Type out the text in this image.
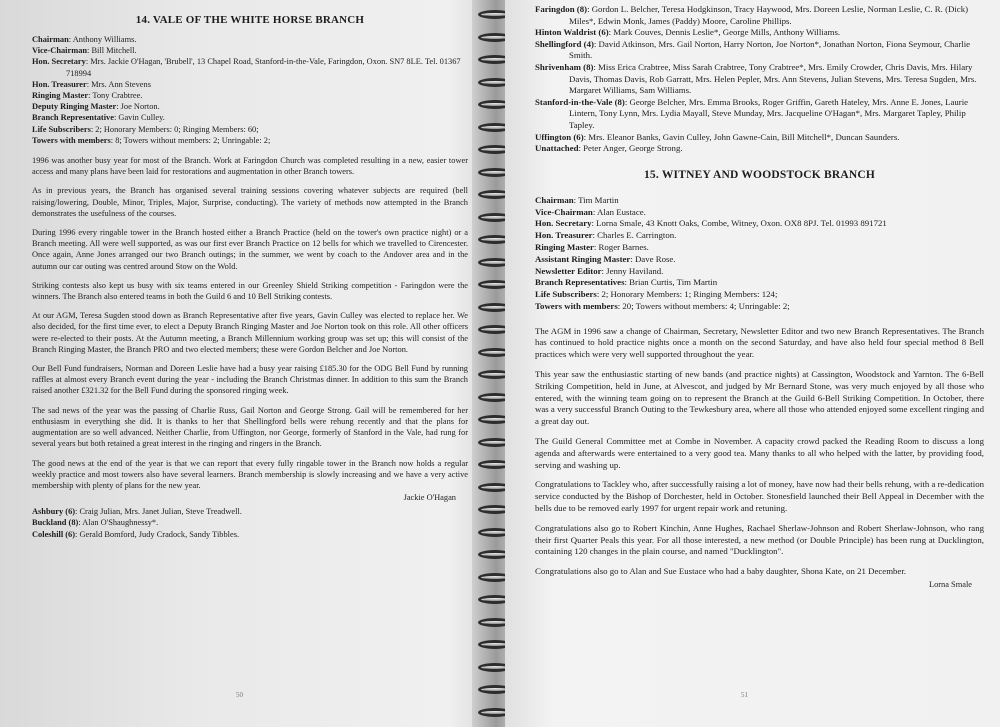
14. VALE OF THE WHITE HORSE BRANCH
Chairman: Anthony Williams.
Vice-Chairman: Bill Mitchell.
Hon. Secretary: Mrs. Jackie O'Hagan, 'Brubell', 13 Chapel Road, Stanford-in-the-Vale, Faringdon, Oxon. SN7 8LE. Tel. 01367 718994
Hon. Treasurer: Mrs. Ann Stevens
Ringing Master: Tony Crabtree.
Deputy Ringing Master: Joe Norton.
Branch Representative: Gavin Culley.
Life Subscribers: 2; Honorary Members: 0; Ringing Members: 60;
Towers with members: 8; Towers without members: 2; Unringable: 2;

1996 was another busy year for most of the Branch. Work at Faringdon Church was completed resulting in a new, easier tower access and many plans have been laid for restorations and augmentation in other Branch towers.

As in previous years, the Branch has organised several training sessions covering whatever subjects are required (bell raising/lowering, Double, Minor, Triples, Major, Surprise, conducting). The variety of methods now attempted in the Branch demonstrates the usefulness of the courses.

During 1996 every ringable tower in the Branch hosted either a Branch Practice (held on the tower's own practice night) or a Branch meeting. All were well supported, as was our first ever Branch Practice on 12 bells for which we travelled to Cirencester. Once again, Anne Jones arranged our two Branch outings; in the summer, we went by coach to the Andover area and in the autumn our car outing was centred around Stow on the Wold.

Striking contests also kept us busy with six teams entered in our Greenley Shield Striking competition - Faringdon were the winners. The Branch also entered teams in both the Guild 6 and 10 Bell Striking contests.

At our AGM, Teresa Sugden stood down as Branch Representative after five years, Gavin Culley was elected to replace her. We also decided, for the first time ever, to elect a Deputy Branch Ringing Master and Joe Norton took on this role. All other officers were re-elected to their posts. At the Autumn meeting, a Branch Millennium working group was set up; this will consist of the Branch Ringing Master, the Branch PRO and two elected members; these were Gordon Belcher and Joe Norton.

Our Bell Fund fundraisers, Norman and Doreen Leslie have had a busy year raising £185.30 for the ODG Bell Fund by running raffles at almost every Branch event during the year - including the Branch Christmas dinner. In addition to this sum the Branch raised another £321.32 for the Bell Fund during the sponsored ringing week.

The sad news of the year was the passing of Charlie Russ, Gail Norton and George Strong. Gail will be remembered for her enthusiasm in everything she did. It is thanks to her that Shellingford bells were rehung recently and that the plans for augmentation are so well advanced. Neither Charlie, from Uffington, nor George, formerly of Stanford in the Vale, had rung for several years but both retained a great interest in the ringing and ringers in the Branch.

The good news at the end of the year is that we can report that every fully ringable tower in the Branch now holds a regular weekly practice and most towers also have several learners. Branch membership is slowly increasing and we have a very active membership with plenty of plans for the new year.

Jackie O'Hagan
Ashbury (6): Craig Julian, Mrs. Janet Julian, Steve Treadwell.
Buckland (8): Alan O'Shaughnessy*.
Coleshill (6): Gerald Bomford, Judy Cradock, Sandy Tibbles.
50
Faringdon (8): Gordon L. Belcher, Teresa Hodgkinson, Tracy Haywood, Mrs. Doreen Leslie, Norman Leslie, C. R. (Dick) Miles*, Edwin Monk, James (Paddy) Moore, Caroline Phillips.
Hinton Waldrist (6): Mark Couves, Dennis Leslie*, George Mills, Anthony Williams.
Shellingford (4): David Atkinson, Mrs. Gail Norton, Harry Norton, Joe Norton*, Jonathan Norton, Fiona Seymour, Charlie Smith.
Shrivenham (8): Miss Erica Crabtree, Miss Sarah Crabtree, Tony Crabtree*, Mrs. Emily Crowder, Chris Davis, Mrs. Hilary Davis, Thomas Davis, Rob Garratt, Mrs. Helen Pepler, Mrs. Ann Stevens, Julian Stevens, Mrs. Teresa Sugden, Mrs. Margaret Williams, Sam Williams.
Stanford-in-the-Vale (8): George Belcher, Mrs. Emma Brooks, Roger Griffin, Gareth Hateley, Mrs. Anne E. Jones, Laurie Lintern, Tony Lynn, Mrs. Lydia Mayall, Steve Munday, Mrs. Jacqueline O'Hagan*, Mrs. Margaret Tapley, Philip Tapley.
Uffington (6): Mrs. Eleanor Banks, Gavin Culley, John Gawne-Cain, Bill Mitchell*, Duncan Saunders.
Unattached: Peter Anger, George Strong.
15. WITNEY AND WOODSTOCK BRANCH
Chairman: Tim Martin
Vice-Chairman: Alan Eustace.
Hon. Secretary: Lorna Smale, 43 Knott Oaks, Combe, Witney, Oxon. OX8 8PJ. Tel. 01993 891721
Hon. Treasurer: Charles E. Carrington.
Ringing Master: Roger Barnes.
Assistant Ringing Master: Dave Rose.
Newsletter Editor: Jenny Haviland.
Branch Representatives: Brian Curtis, Tim Martin
Life Subscribers: 2; Honorary Members: 1; Ringing Members: 124;
Towers with members: 20; Towers without members: 4; Unringable: 2;

The AGM in 1996 saw a change of Chairman, Secretary, Newsletter Editor and two new Branch Representatives. The Branch has continued to hold practice nights once a month on the second Saturday, and have also held four special method 8 Bell practices which were very well supported throughout the year.

This year saw the enthusiastic starting of new bands (and practice nights) at Cassington, Woodstock and Yarnton. The 6-Bell Striking Competition, held in June, at Alvescot, and judged by Mr Bernard Stone, was very much enjoyed by all those who entered, with the winning team going on to represent the Branch at the Guild 6-Bell Striking Competition. In October, there was a very successful Branch Outing to the Tewkesbury area, where all those who attended enjoyed some excellent ringing and a great day out.

The Guild General Committee met at Combe in November. A capacity crowd packed the Reading Room to discuss a long agenda and afterwards were entertained to a very good tea. Many thanks to all who helped with the latter, by providing food, serving and washing up.

Congratulations to Tackley who, after successfully raising a lot of money, have now had their bells rehung, with a re-dedication service conducted by the Bishop of Dorchester, held in October. Stonesfield launched their Bell Appeal in December with the bells due to be removed early 1997 for urgent repair work and retuning.

Congratulations also go to Robert Kinchin, Anne Hughes, Rachael Sherlaw-Johnson and Robert Sherlaw-Johnson, who rang their first Quarter Peals this year. For all those interested, a new method (or Double Principle) has been rung at Ducklington, containing 120 changes in the plain course, and named "Ducklington".

Congratulations also go to Alan and Sue Eustace who had a baby daughter, Shona Kate, on 21 December.

Lorna Smale
51
